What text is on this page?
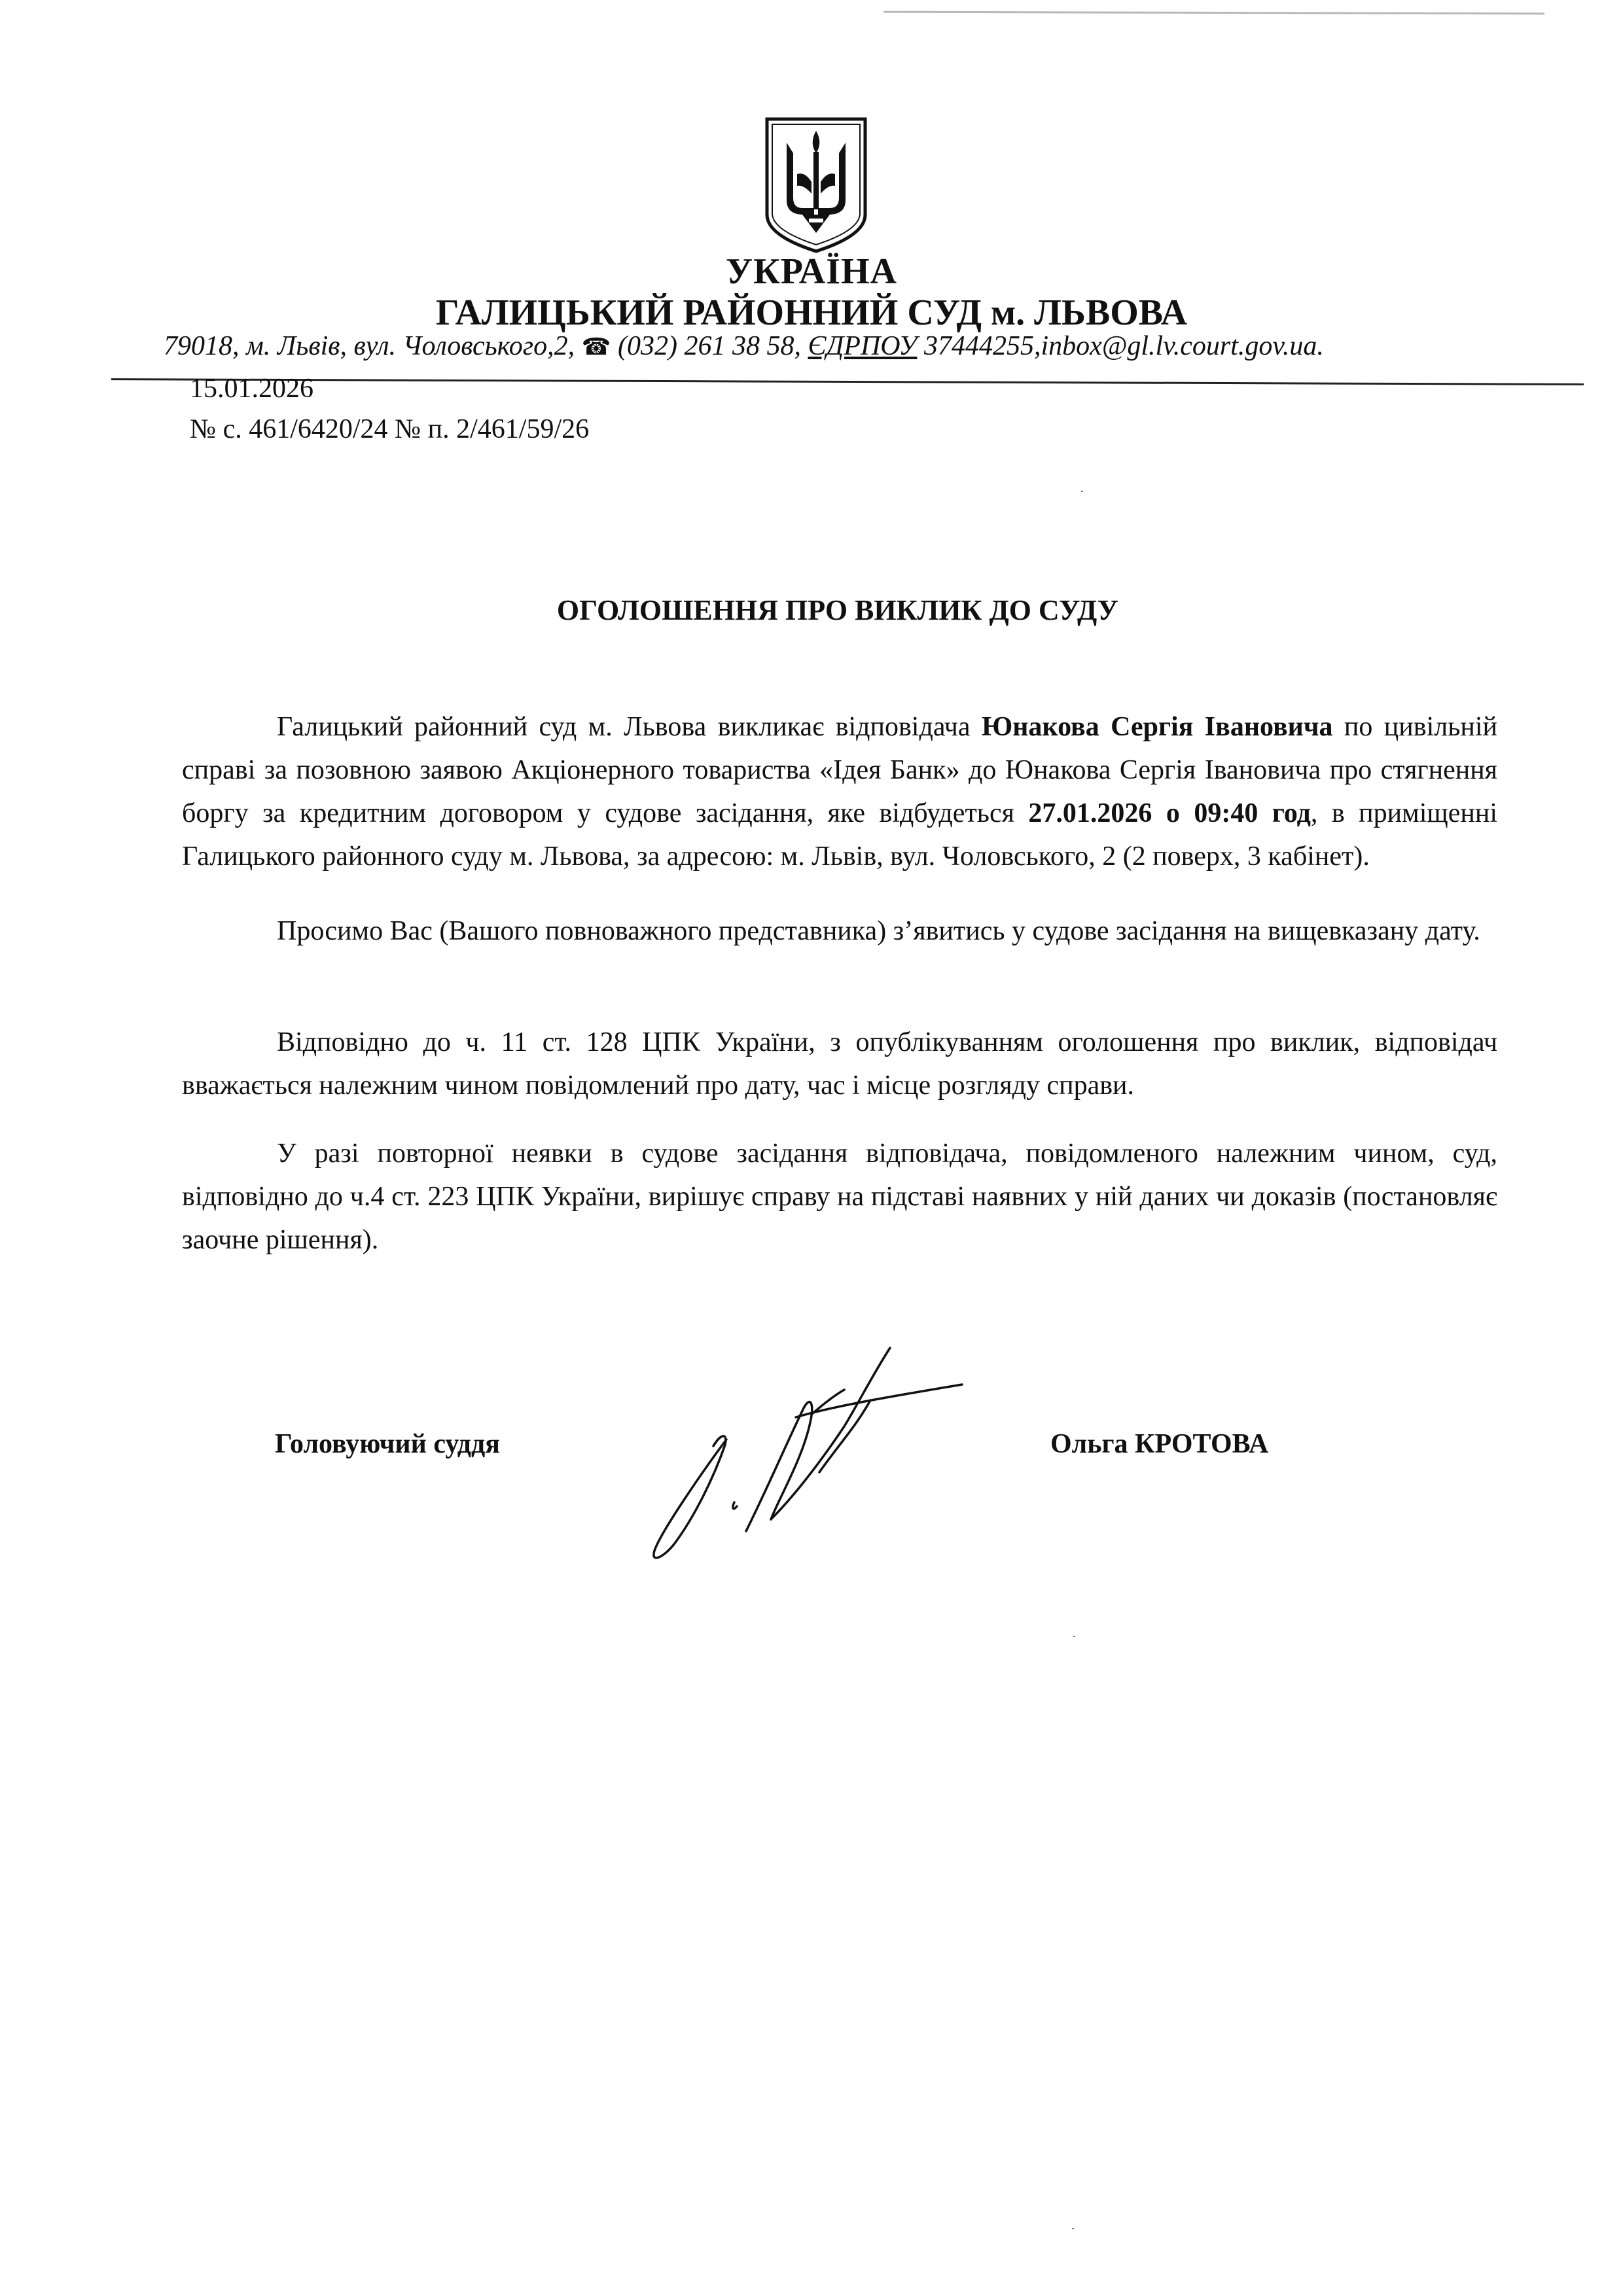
УКРАЇНА
ГАЛИЦЬКИЙ РАЙОННИЙ СУД м. ЛЬВОВА
79018, м. Львів, вул. Чоловського,2, ☎ (032) 261 38 58, ЄДРПОУ 37444255,inbox@gl.lv.court.gov.ua.
15.01.2026
№ с. 461/6420/24 № п. 2/461/59/26
ОГОЛОШЕННЯ ПРО ВИКЛИК ДО СУДУ
Галицький районний суд м. Львова викликає відповідача Юнакова Сергія Івановича по цивільній справі за позовною заявою Акціонерного товариства «Ідея Банк» до Юнакова Сергія Івановича про стягнення боргу за кредитним договором у судове засідання, яке відбудеться 27.01.2026 о 09:40 год, в приміщенні Галицького районного суду м. Львова, за адресою: м. Львів, вул. Чоловського, 2 (2 поверх, 3 кабінет).
Просимо Вас (Вашого повноважного представника) з’явитись у судове засідання на вищевказану дату.
Відповідно до ч. 11 ст. 128 ЦПК України, з опублікуванням оголошення про виклик, відповідач вважається належним чином повідомлений про дату, час і місце розгляду справи.
У разі повторної неявки в судове засідання відповідача, повідомленого належним чином, суд, відповідно до ч.4 ст. 223 ЦПК України, вирішує справу на підставі наявних у ній даних чи доказів (постановляє заочне рішення).
Головуючий суддя	Ольга КРОТОВА
